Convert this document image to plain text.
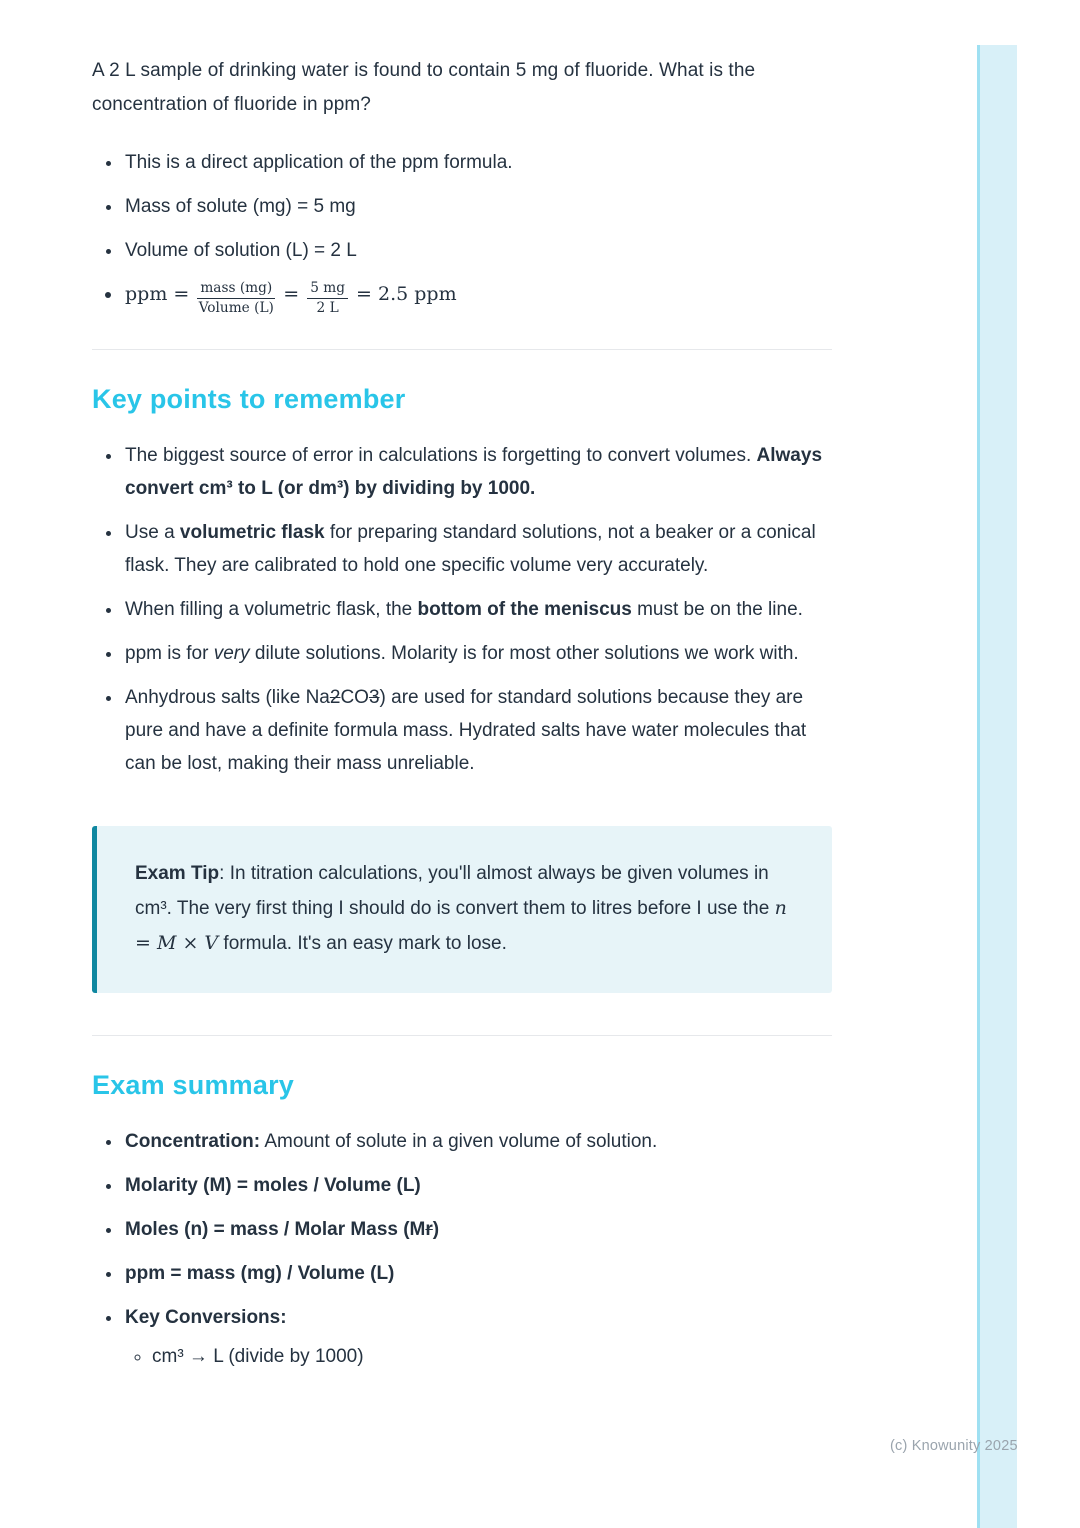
A 2 L sample of drinking water is found to contain 5 mg of fluoride. What is the concentration of fluoride in ppm?

• This is a direct application of the ppm formula.
• Mass of solute (mg) = 5 mg
• Volume of solution (L) = 2 L
• ppm = $\frac{\text{mass (mg)}}{\text{Volume (L)}} = \frac{5 mg}{2 L} = 2.5$ ppm
Key points to remember
• The biggest source of error in calculations is forgetting to convert volumes. Always convert cm³ to L (or dm³) by dividing by 1000.
• Use a volumetric flask for preparing standard solutions, not a beaker or a conical flask. They are calibrated to hold one specific volume very accurately.
• When filling a volumetric flask, the bottom of the meniscus must be on the line.
• ppm is for very dilute solutions. Molarity is for most other solutions we work with.
• Anhydrous salts (like Na2CO3) are used for standard solutions because they are pure and have a definite formula mass. Hydrated salts have water molecules that can be lost, making their mass unreliable.

Exam Tip: In titration calculations, you'll almost always be given volumes in cm³. The very first thing I should do is convert them to litres before I use the n = M × V formula. It's an easy mark to lose.

Exam summary
• Concentration: Amount of solute in a given volume of solution.
• Molarity (M) = moles / Volume (L)
• Moles (n) = mass / Molar Mass (Mr)
• ppm = mass (mg) / Volume (L)
• Key Conversions:
◦ cm³ → L (divide by 1000)
(c) Knowunity 2025
